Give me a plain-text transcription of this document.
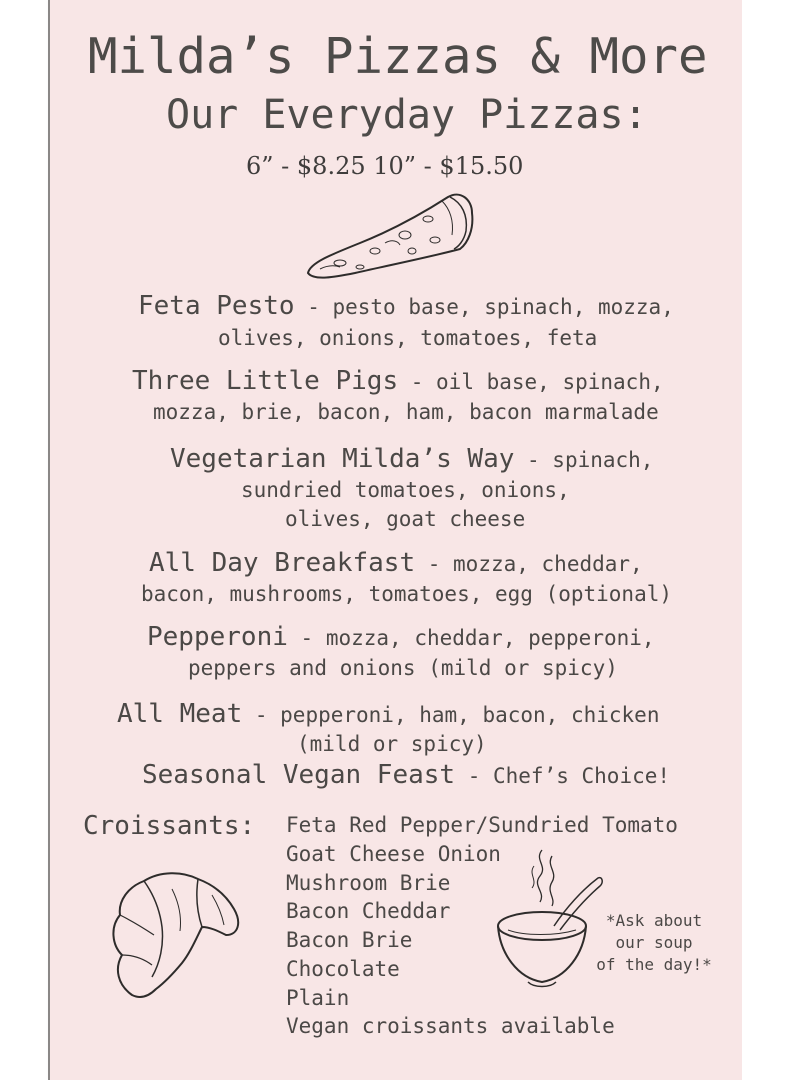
Milda’s Pizzas & More
Our Everyday Pizzas:
6” - $8.25 10” - $15.50
Feta Pesto - pesto base, spinach, mozza,
olives, onions, tomatoes, feta
Three Little Pigs - oil base, spinach,
mozza, brie, bacon, ham, bacon marmalade
Vegetarian Milda’s Way - spinach,
sundried tomatoes, onions,
olives, goat cheese
All Day Breakfast - mozza, cheddar,
bacon, mushrooms, tomatoes, egg (optional)
Pepperoni - mozza, cheddar, pepperoni,
peppers and onions (mild or spicy)
All Meat - pepperoni, ham, bacon, chicken
(mild or spicy)
Seasonal Vegan Feast - Chef’s Choice!
Croissants: Feta Red Pepper/Sundried Tomato
Goat Cheese Onion
Mushroom Brie
Bacon Cheddar
Bacon Brie
Chocolate
Plain
Vegan croissants available
*Ask about
our soup
of the day!*
